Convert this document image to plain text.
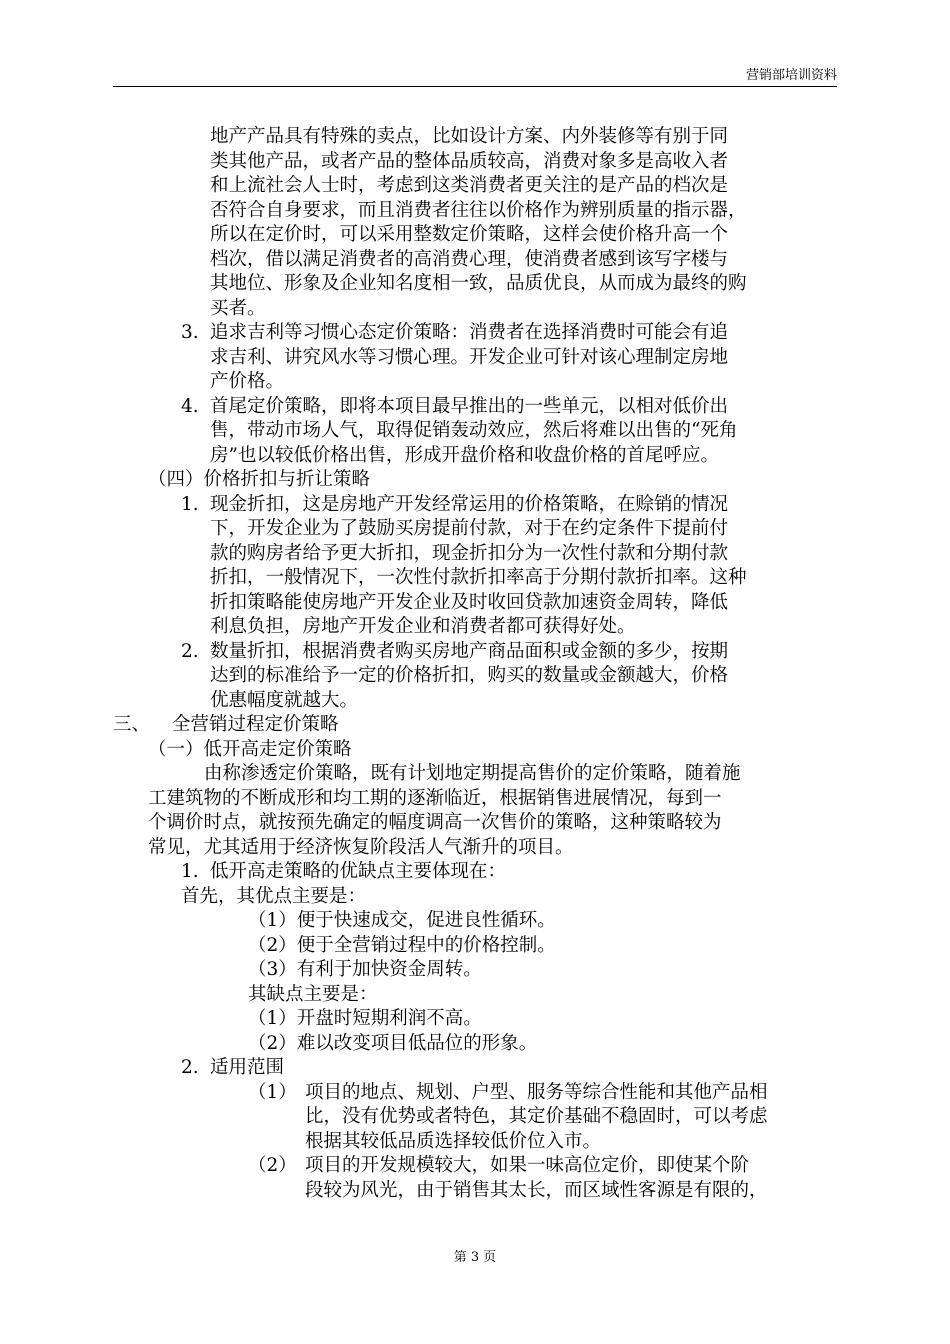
营销部培训资料
地产产品具有特殊的卖点，比如设计方案、内外装修等有别于同
类其他产品，或者产品的整体品质较高，消费对象多是高收入者
和上流社会人士时，考虑到这类消费者更关注的是产品的档次是
否符合自身要求，而且消费者往往以价格作为辨别质量的指示器，
所以在定价时，可以采用整数定价策略，这样会使价格升高一个
档次，借以满足消费者的高消费心理，使消费者感到该写字楼与
其地位、形象及企业知名度相一致，品质优良，从而成为最终的购
买者。
3. 追求吉利等习惯心态定价策略：消费者在选择消费时可能会有追
求吉利、讲究风水等习惯心理。开发企业可针对该心理制定房地
产价格。
4. 首尾定价策略，即将本项目最早推出的一些单元，以相对低价出
售，带动市场人气，取得促销轰动效应，然后将难以出售的“死角
房”也以较低价格出售，形成开盘价格和收盘价格的首尾呼应。
（四）价格折扣与折让策略
1. 现金折扣，这是房地产开发经常运用的价格策略，在赊销的情况
下，开发企业为了鼓励买房提前付款，对于在约定条件下提前付
款的购房者给予更大折扣，现金折扣分为一次性付款和分期付款
折扣，一般情况下，一次性付款折扣率高于分期付款折扣率。这种
折扣策略能使房地产开发企业及时收回贷款加速资金周转，降低
利息负担，房地产开发企业和消费者都可获得好处。
2. 数量折扣，根据消费者购买房地产商品面积或金额的多少，按期
达到的标准给予一定的价格折扣，购买的数量或金额越大，价格
优惠幅度就越大。
三、 全营销过程定价策略
（一）低开高走定价策略
由称渗透定价策略，既有计划地定期提高售价的定价策略，随着施
工建筑物的不断成形和均工期的逐渐临近，根据销售进展情况，每到一
个调价时点，就按预先确定的幅度调高一次售价的策略，这种策略较为
常见，尤其适用于经济恢复阶段活人气渐升的项目。
1. 低开高走策略的优缺点主要体现在：
首先，其优点主要是：
（1）便于快速成交，促进良性循环。
（2）便于全营销过程中的价格控制。
（3）有利于加快资金周转。
其缺点主要是：
（1）开盘时短期利润不高。
（2）难以改变项目低品位的形象。
2. 适用范围
（1） 项目的地点、规划、户型、服务等综合性能和其他产品相
比，没有优势或者特色，其定价基础不稳固时，可以考虑
根据其较低品质选择较低价位入市。
（2） 项目的开发规模较大，如果一味高位定价，即使某个阶
段较为风光，由于销售其太长，而区域性客源是有限的，
第 3 页
